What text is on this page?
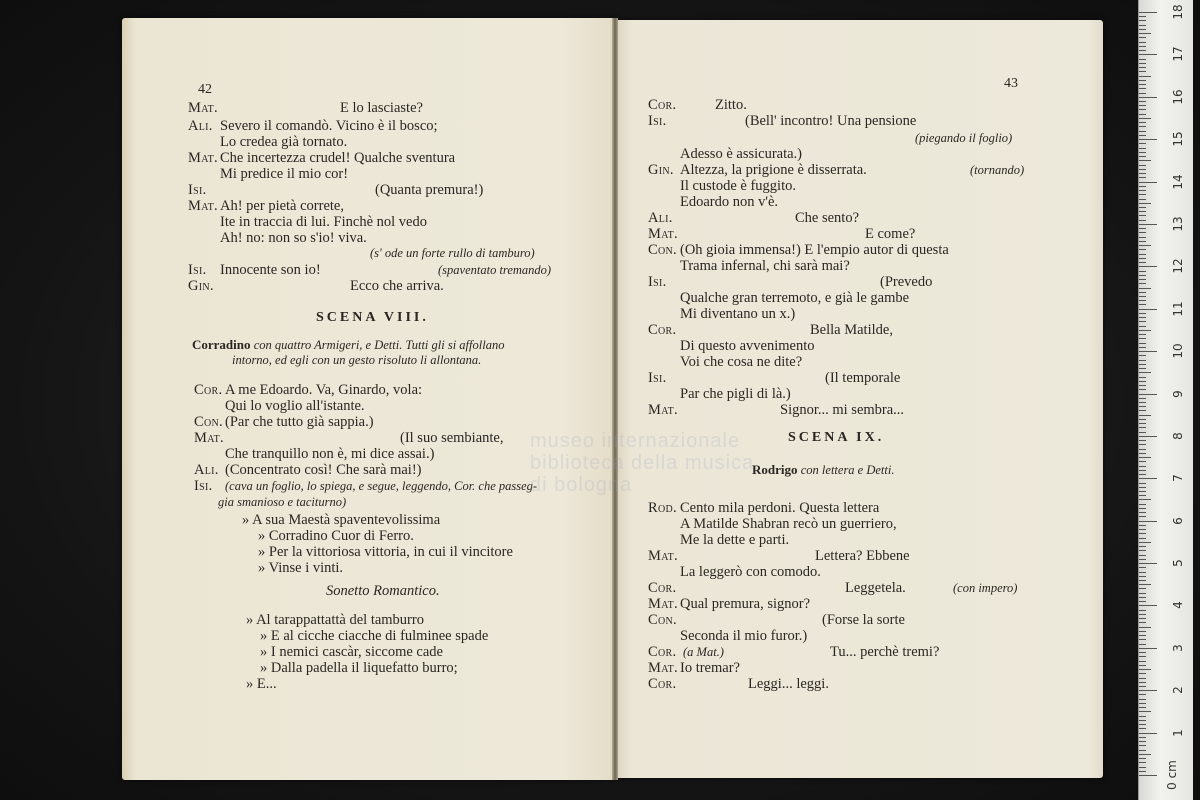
Mat.	E lo lasciaste?
Ali. Severo il comandò. Vicino è il bosco;
Lo credea già tornato.
Mat. Che incertezza crudel! Qualche sventura
Mi predice il mio cor!
Isi.	(Quanta premura!)
Mat. Ah! per pietà correte,
Ite in traccia di lui. Finchè nol vedo
Ah! no: non so s'io! viva.
(s' ode un forte rullo di tamburo)
Isi. Innocente son io!	(spaventato tremando)
Gin.	Ecco che arriva.
Cor. A me Edoardo. Va, Ginardo, vola:
Qui lo voglio all'istante.
Con. (Par che tutto già sappia.)
Mat.	(Il suo sembiante,
Che tranquillo non è, mi dice assai.)
Ali. (Concentrato così! Che sarà mai!)
Isi. (cava un foglio, lo spiega, e segue, leggendo, Cor. che passeg-
gia smanioso e taciturno)
» A sua Maestà spaventevolissima
» Corradino Cuor di Ferro.
» Per la vittoriosa vittoria, in cui il vincitore
» Vinse i vinti.
» Al tarappattattà del tamburro
» E al cicche ciacche di fulminee spade
» I nemici cascàr, siccome cade
» Dalla padella il liquefatto burro;
» E...
Cor.	Zitto.
Isi.	(Bell' incontro! Una pensione
(piegando il foglio)
Adesso è assicurata.)
Gin. Altezza, la prigione è disserrata.	(tornando)
Il custode è fuggito.
Edoardo non v'è.
Ali.	Che sento?
Mat.	E come?
Con. (Oh gioia immensa!) E l'empio autor di questa
Trama infernal, chi sarà mai?
Isi.	(Prevedo
Qualche gran terremoto, e già le gambe
Mi diventano un x.)
Cor.	Bella Matilde,
Di questo avvenimento
Voi che cosa ne dite?
Isi.	(Il temporale
Par che pigli di là.)
Mat.	Signor... mi sembra...
Rod. Cento mila perdoni. Questa lettera
A Matilde Shabran recò un guerriero,
Me la dette e parti.
Mat.	Lettera? Ebbene
La leggerò con comodo.
Cor.	Leggetela.	(con impero)
Mat. Qual premura, signor?
Con.	(Forse la sorte
Seconda il mio furor.)
Cor. (a Mat.)	Tu... perchè tremi?
Mat. Io tremar?
Cor.	Leggi... leggi.
42	43
SCENA VIII.
Corradino con quattro Armigeri, e Detti. Tutti gli si affollano
intorno, ed egli con un gesto risoluto li allontana.
Sonetto Romantico.
SCENA IX.
Rodrigo con lettera e Detti.
museo internazionale
biblioteca della musica
di bologna
0 cm
1
2
3
4
5
6
7
8
9
10
11
12
13
14
15
16
17
18
